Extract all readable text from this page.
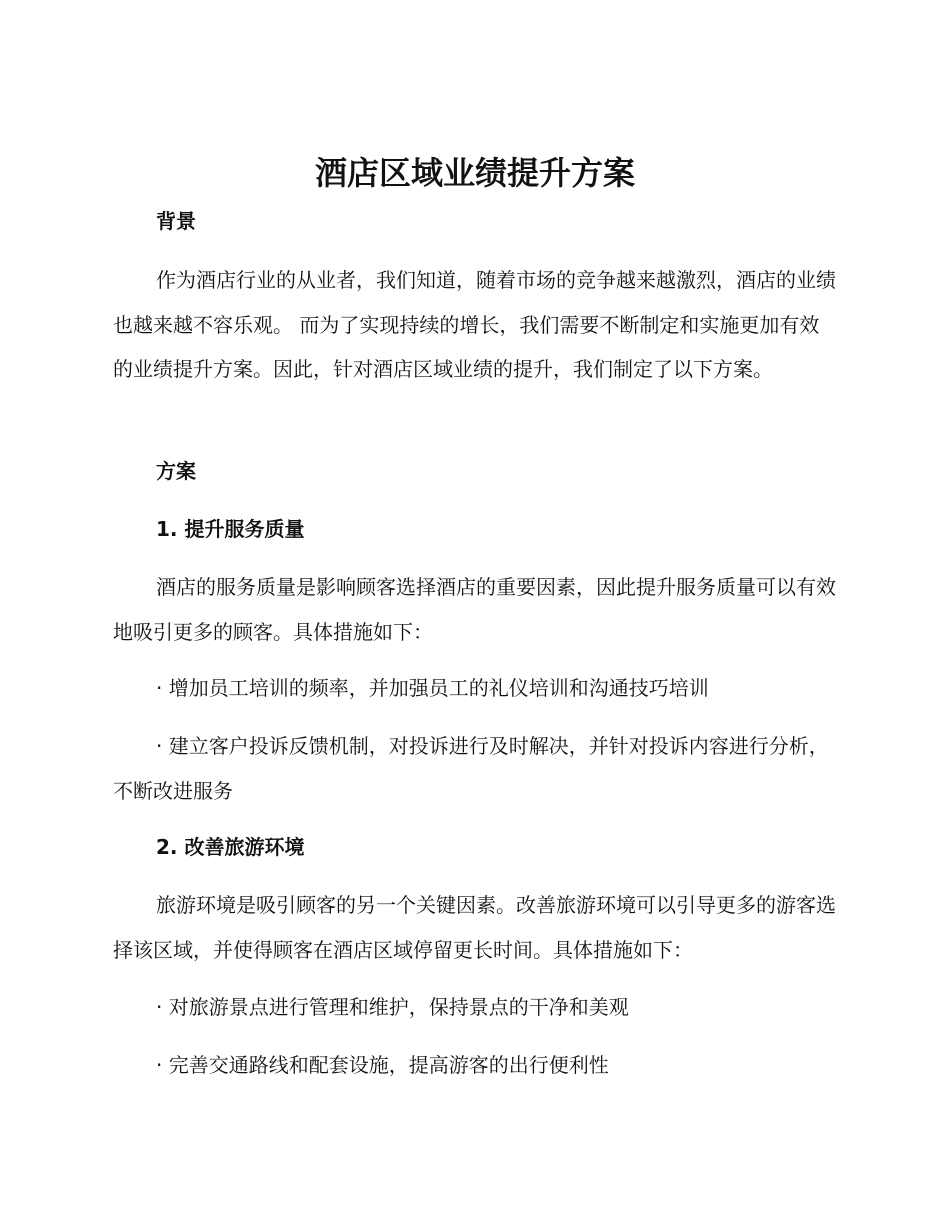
酒店区域业绩提升方案
背景

作为酒店行业的从业者，我们知道，随着市场的竞争越来越激烈，酒店的业绩也越来越不容乐观。 而为了实现持续的增长，我们需要不断制定和实施更加有效的业绩提升方案。因此，针对酒店区域业绩的提升，我们制定了以下方案。

方案
1. 提升服务质量

酒店的服务质量是影响顾客选择酒店的重要因素，因此提升服务质量可以有效地吸引更多的顾客。具体措施如下：

· 增加员工培训的频率，并加强员工的礼仪培训和沟通技巧培训

· 建立客户投诉反馈机制，对投诉进行及时解决，并针对投诉内容进行分析，不断改进服务

2. 改善旅游环境

旅游环境是吸引顾客的另一个关键因素。改善旅游环境可以引导更多的游客选择该区域，并使得顾客在酒店区域停留更长时间。具体措施如下：

· 对旅游景点进行管理和维护，保持景点的干净和美观

· 完善交通路线和配套设施，提高游客的出行便利性
